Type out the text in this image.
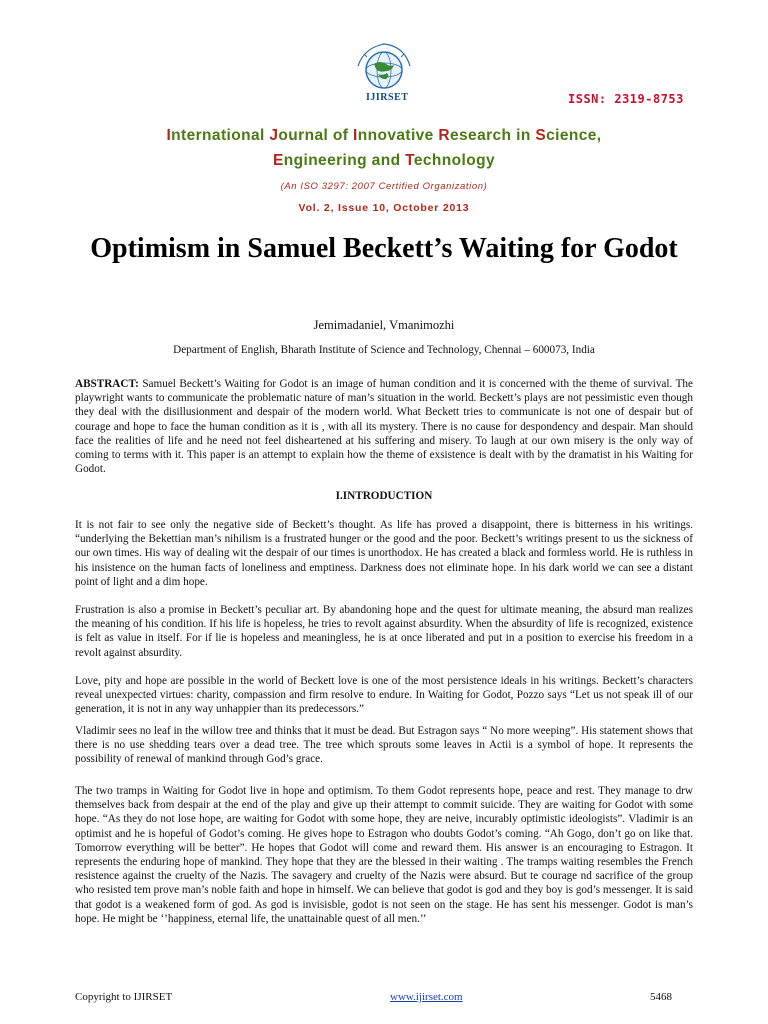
IJIRSET	ISSN: 2319-8753
International Journal of Innovative Research in Science,
Engineering and Technology
(An ISO 3297: 2007 Certified Organization)
Vol. 2, Issue 10, October 2013
Optimism in Samuel Beckett’s Waiting for Godot
Jemimadaniel, Vmanimozhi
Department of English, Bharath Institute of Science and Technology, Chennai – 600073, India
ABSTRACT: Samuel Beckett’s Waiting for Godot is an image of human condition and it is concerned with the theme of survival. The playwright wants to communicate the problematic nature of man’s situation in the world. Beckett’s plays are not pessimistic even though they deal with the disillusionment and despair of the modern world. What Beckett tries to communicate is not one of despair but of courage and hope to face the human condition as it is , with all its mystery. There is no cause for despondency and despair. Man should face the realities of life and he need not feel disheartened at his suffering and misery. To laugh at our own misery is the only way of coming to terms with it. This paper is an attempt to explain how the theme of exsistence is dealt with by the dramatist in his Waiting for Godot.
I.INTRODUCTION
It is not fair to see only the negative side of Beckett’s thought. As life has proved a disappoint, there is bitterness in his writings. “underlying the Bekettian man’s nihilism is a frustrated hunger or the good and the poor. Beckett’s writings present to us the sickness of our own times. His way of dealing wit the despair of our times is unorthodox. He has created a black and formless world. He is ruthless in his insistence on the human facts of loneliness and emptiness. Darkness does not eliminate hope. In his dark world we can see a distant point of light and a dim hope.
Frustration is also a promise in Beckett’s peculiar art. By abandoning hope and the quest for ultimate meaning, the absurd man realizes the meaning of his condition. If his life is hopeless, he tries to revolt against absurdity. When the absurdity of life is recognized, existence is felt as value in itself. For if lie is hopeless and meaningless, he is at once liberated and put in a position to exercise his freedom in a revolt against absurdity.
Love, pity and hope are possible in the world of Beckett love is one of the most persistence ideals in his writings. Beckett’s characters reveal unexpected virtues: charity, compassion and firm resolve to endure. In Waiting for Godot, Pozzo says “Let us not speak ill of our generation, it is not in any way unhappier than its predecessors.”
Vladimir sees no leaf in the willow tree and thinks that it must be dead. But Estragon says “ No more weeping”. His statement shows that there is no use shedding tears over a dead tree. The tree which sprouts some leaves in Actii is a symbol of hope. It represents the possibility of renewal of mankind through God’s grace.
The two tramps in Waiting for Godot live in hope and optimism. To them Godot represents hope, peace and rest. They manage to drw themselves back from despair at the end of the play and give up their attempt to commit suicide. They are waiting for Godot with some hope. “As they do not lose hope, are waiting for Godot with some hope, they are neive, incurably optimistic ideologists”. Vladimir is an optimist and he is hopeful of Godot’s coming. He gives hope to Estragon who doubts Godot’s coming. “Ah Gogo, don’t go on like that. Tomorrow everything will be better”. He hopes that Godot will come and reward them. His answer is an encouraging to Estragon. It represents the enduring hope of mankind. They hope that they are the blessed in their waiting . The tramps waiting resembles the French resistence against the cruelty of the Nazis. The savagery and cruelty of the Nazis were absurd. But te courage nd sacrifice of the group who resisted tem prove man’s noble faith and hope in himself. We can believe that godot is god and they boy is god’s messenger. It is said that godot is a weakened form of god. As god is invisisble, godot is not seen on the stage. He has sent his messenger. Godot is man’s hope. He might be ‘’happiness, eternal life, the unattainable quest of all men.’’
Copyright to IJIRSET	www.ijirset.com	5468
